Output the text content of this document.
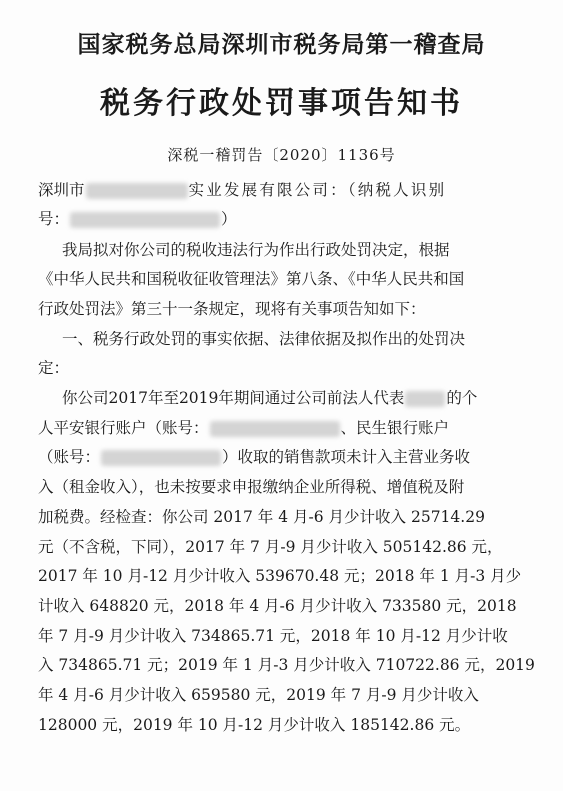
国家税务总局深圳市税务局第一稽查局
税务行政处罚事项告知书
深税一稽罚告〔2020〕1136号
深圳市	实业发展有限公司：（纳税人识别
号：	）
我局拟对你公司的税收违法行为作出行政处罚决定，根据
《中华人民共和国税收征收管理法》第八条、《中华人民共和国
行政处罚法》第三十一条规定，现将有关事项告知如下：
一、税务行政处罚的事实依据、法律依据及拟作出的处罚决
定：
你公司2017年至2019年期间通过公司前法人代表	的个
人平安银行账户（账号：	、民生银行账户
（账号：	）收取的销售款项未计入主营业务收
入（租金收入），也未按要求申报缴纳企业所得税、增值税及附
加税费。经检查：你公司 2017 年 4 月-6 月少计收入 25714.29
元（不含税，下同），2017 年 7 月-9 月少计收入 505142.86 元，
2017 年 10 月-12 月少计收入 539670.48 元；2018 年 1 月-3 月少
计收入 648820 元，2018 年 4 月-6 月少计收入 733580 元，2018
年 7 月-9 月少计收入 734865.71 元，2018 年 10 月-12 月少计收
入 734865.71 元；2019 年 1 月-3 月少计收入 710722.86 元，2019
年 4 月-6 月少计收入 659580 元，2019 年 7 月-9 月少计收入
128000 元，2019 年 10 月-12 月少计收入 185142.86 元。
